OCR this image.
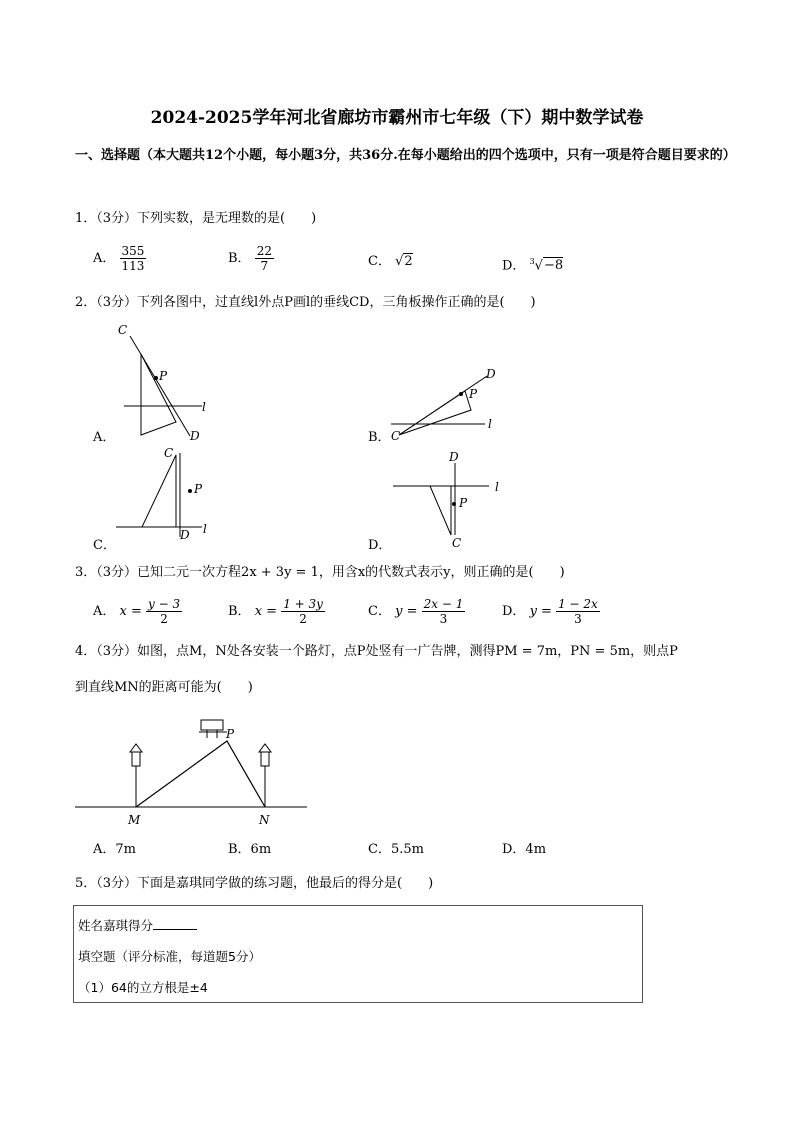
2024-2025学年河北省廊坊市霸州市七年级（下）期中数学试卷
一、选择题（本大题共12个小题，每小题3分，共36分.在每小题给出的四个选项中，只有一项是符合题目要求的）
1．（3分）下列实数，是无理数的是(　　)
A． $\frac{355}{113}$	B． $\frac{22}{7}$	C． √2	D． $^3$√−8
2．（3分）下列各图中，过直线l外点P画l的垂线CD，三角板操作正确的是(　　)
A．	B．
C．	D．
C
P
l
D	C
P
l
D
C
P
l
D
D
P
l
C
3．（3分）已知二元一次方程2x + 3y = 1，用含x的代数式表示y，则正确的是(　　)
A． $x = \frac{y - 3}{2}$	B． $x = \frac{1 + 3y}{2}$	C． $y = \frac{2x - 1}{3}$	D． $y = \frac{1 - 2x}{3}$
4．（3分）如图，点M，N处各安装一个路灯，点P处竖有一广告牌，测得PM = 7m，PN = 5m，则点P
到直线MN的距离可能为(　　)
P
M	N
A．7m	B．6m	C．5.5m	D．4m
5．（3分）下面是嘉琪同学做的练习题，他最后的得分是(　　)
姓名嘉琪得分
填空题（评分标准，每道题5分）
（1）64的立方根是±4
